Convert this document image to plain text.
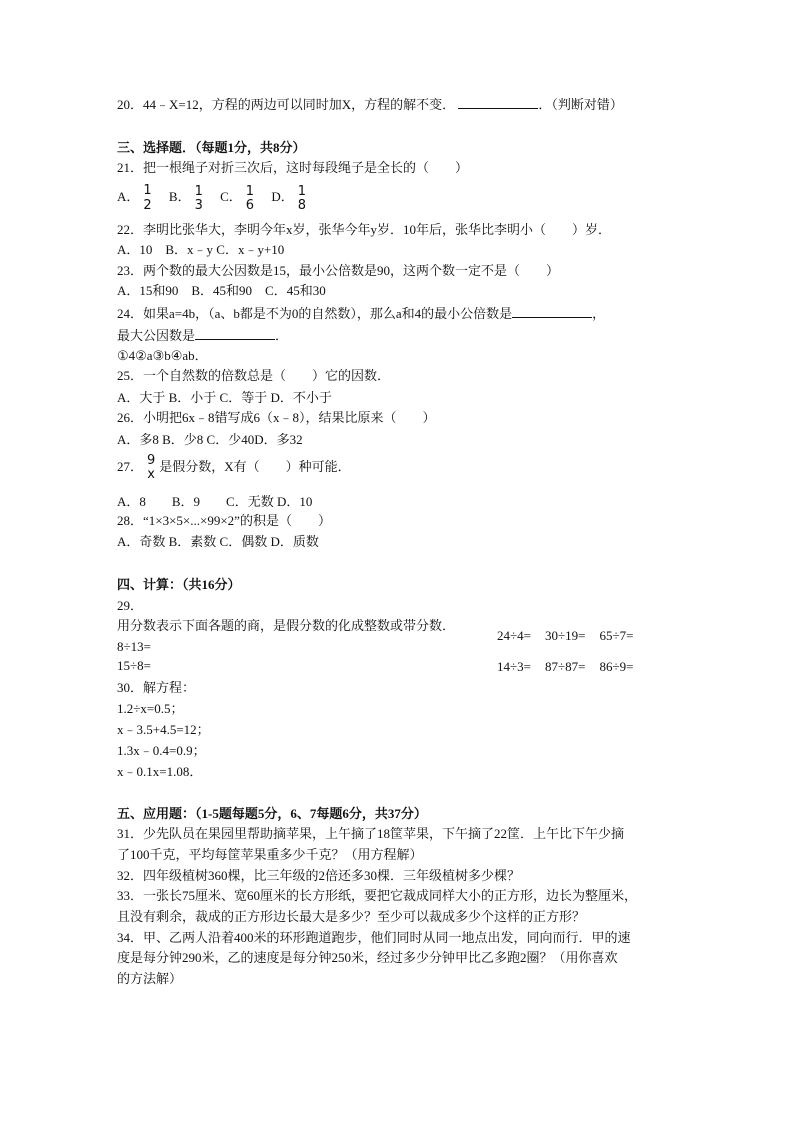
20．44﹣X=12，方程的两边可以同时加X，方程的解不变．	．（判断对错）
三、选择题．（每题1分，共8分）
21．把一根绳子对折三次后，这时每段绳子是全长的（　　）
A． $\frac{1}{2}$ B． 1
3
C． 1
6
D． 1
8
22．李明比张华大，李明今年x岁，张华今年y岁．10年后，张华比李明小（　　）岁．
A．10　B．x﹣y C．x﹣y+10
23．两个数的最大公因数是15，最小公倍数是90，这两个数一定不是（　　）
A．15和90　B．45和90　C．45和30
24．如果a=4b，（a、b都是不为0的自然数），那么a和4的最小公倍数是	，
最大公因数是	．
①4②a③b④ab．
25．一个自然数的倍数总是（　　）它的因数．
A．大于 B．小于 C．等于 D．不小于
26．小明把6x﹣8错写成6（x﹣8），结果比原来（　　）
A．多8 B．少8 C．少40D．多32
27． 9
x
是假分数，X有（　　）种可能．
A．8　　B．9　　C．无数 D．10
28．“1×3×5×...×99×2”的积是（　　）
A．奇数 B．素数 C．偶数 D．质数
四、计算：（共16分）
29．
用分数表示下面各题的商，是假分数的化成整数或带分数．
8÷13=
15÷8=
24÷4= 30÷19= 65÷7=
14÷3= 87÷87= 86÷9=
30．解方程：
1.2÷x=0.5；
x﹣3.5+4.5=12；
1.3x﹣0.4=0.9；
x﹣0.1x=1.08．
五、应用题：（1-5题每题5分，6、7每题6分，共37分）
31．少先队员在果园里帮助摘苹果，上午摘了18筐苹果，下午摘了22筐．上午比下午少摘
了100千克，平均每筐苹果重多少千克？（用方程解）
32．四年级植树360棵，比三年级的2倍还多30棵．三年级植树多少棵？
33．一张长75厘米、宽60厘米的长方形纸，要把它裁成同样大小的正方形，边长为整厘米，
且没有剩余，裁成的正方形边长最大是多少？至少可以裁成多少个这样的正方形？
34．甲、乙两人沿着400米的环形跑道跑步，他们同时从同一地点出发，同向而行．甲的速
度是每分钟290米，乙的速度是每分钟250米，经过多少分钟甲比乙多跑2圈？（用你喜欢
的方法解）
